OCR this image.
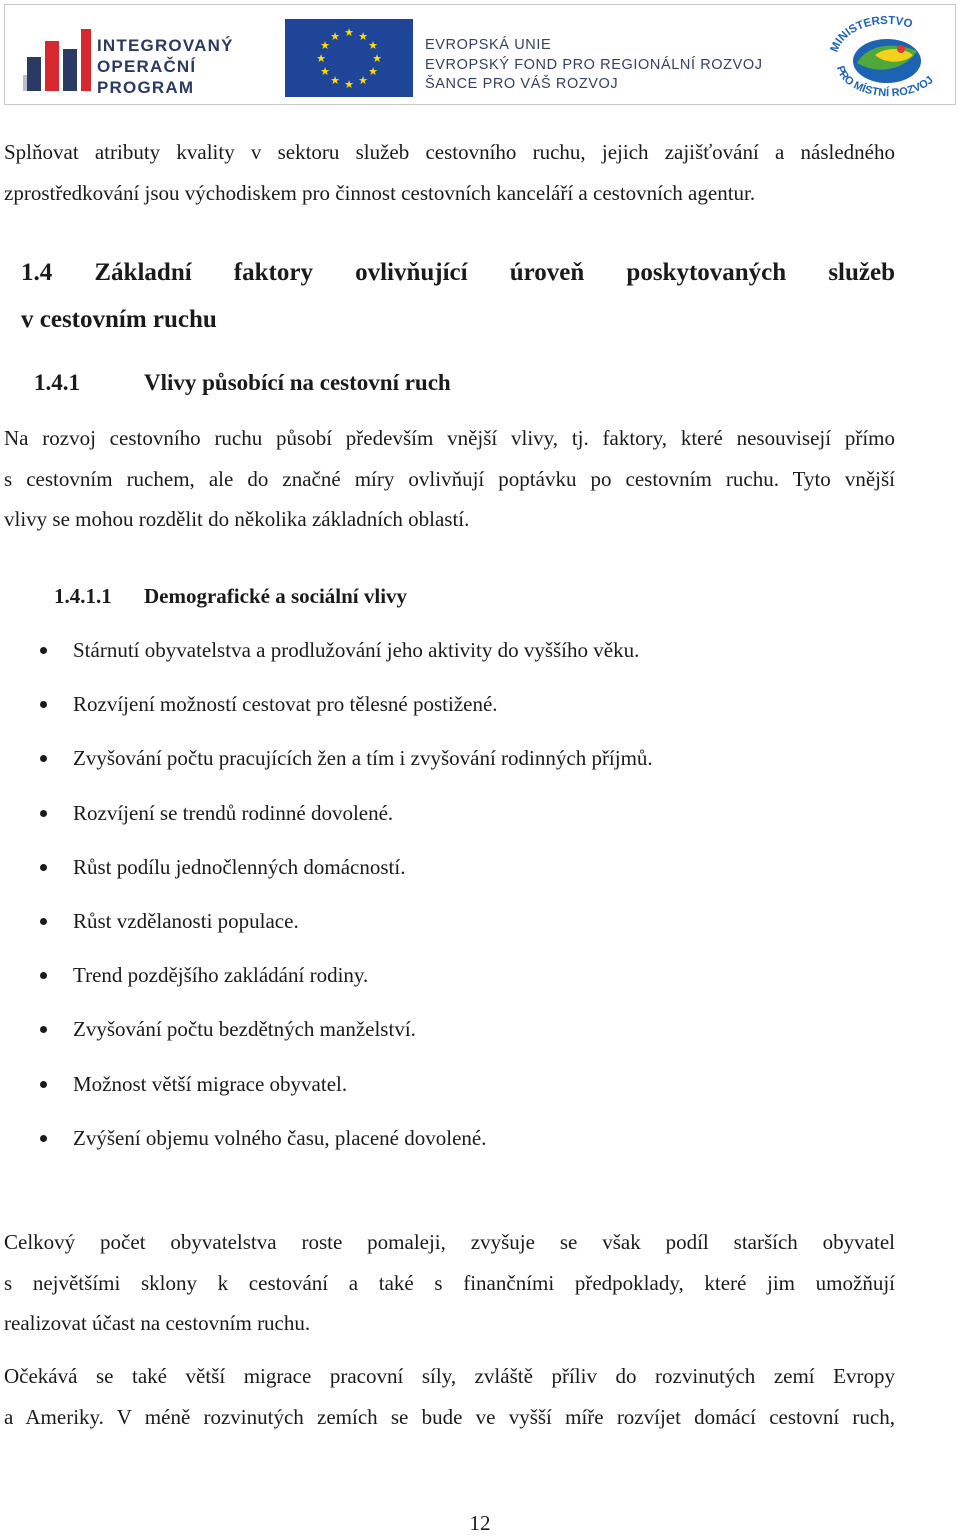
INTEGROVANÝ
OPERAČNÍ
PROGRAM
★ ★
★
★
★
★
★
★
★
★
★
★
EVROPSKÁ UNIE
EVROPSKÝ FOND PRO REGIONÁLNÍ ROZVOJ
ŠANCE PRO VÁŠ ROZVOJ
MINISTERSTVO
PRO MÍSTNÍ ROZVOJ
Splňovat atributy kvality v sektoru služeb cestovního ruchu, jejich zajišťování a následného
zprostředkování jsou východiskem pro činnost cestovních kanceláří a cestovních agentur.
1.4 Základní faktory ovlivňující úroveň poskytovaných služeb
v cestovním ruchu
1.4.1	Vlivy působící na cestovní ruch
Na rozvoj cestovního ruchu působí především vnější vlivy, tj. faktory, které nesouvisejí přímo
s cestovním ruchem, ale do značné míry ovlivňují poptávku po cestovním ruchu. Tyto vnější
vlivy se mohou rozdělit do několika základních oblastí.
1.4.1.1 Demografické a sociální vlivy
Stárnutí obyvatelstva a prodlužování jeho aktivity do vyššího věku.
Rozvíjení možností cestovat pro tělesné postižené.
Zvyšování počtu pracujících žen a tím i zvyšování rodinných příjmů.
Rozvíjení se trendů rodinné dovolené.
Růst podílu jednočlenných domácností.
Růst vzdělanosti populace.
Trend pozdějšího zakládání rodiny.
Zvyšování počtu bezdětných manželství.
Možnost větší migrace obyvatel.
Zvýšení objemu volného času, placené dovolené.
Celkový počet obyvatelstva roste pomaleji, zvyšuje se však podíl starších obyvatel
s největšími sklony k cestování a také s finančními předpoklady, které jim umožňují
realizovat účast na cestovním ruchu.
Očekává se také větší migrace pracovní síly, zvláště příliv do rozvinutých zemí Evropy
a Ameriky. V méně rozvinutých zemích se bude ve vyšší míře rozvíjet domácí cestovní ruch,
12
